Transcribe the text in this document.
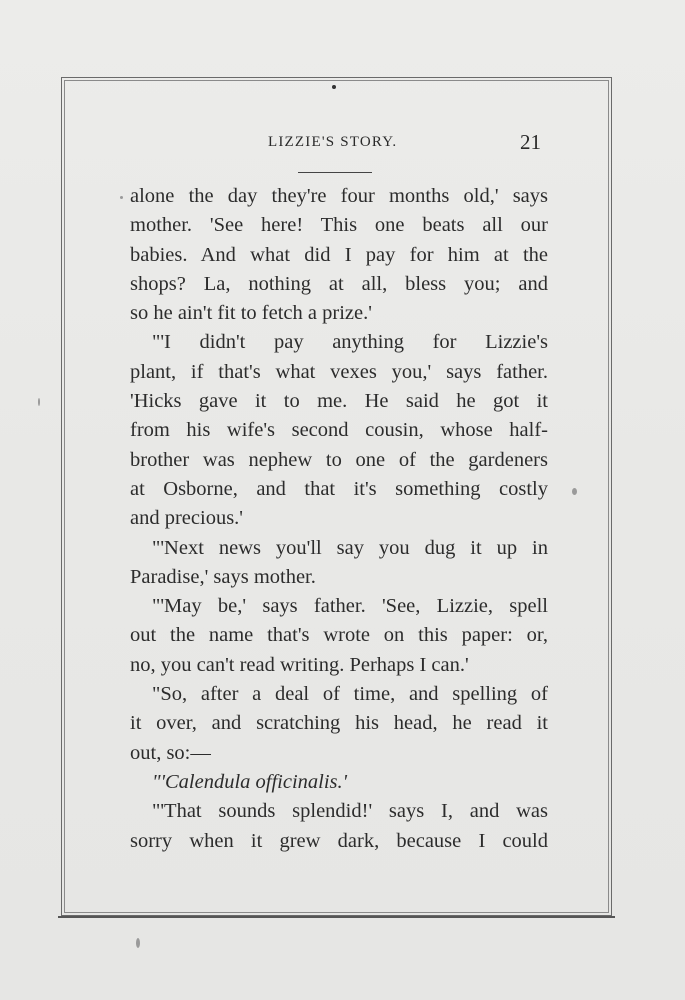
LIZZIE'S STORY.	21
alone the day they're four months old,' says
mother. 'See here! This one beats all our
babies. And what did I pay for him at the
shops? La, nothing at all, bless you; and
so he ain't fit to fetch a prize.'
"'I didn't pay anything for Lizzie's
plant, if that's what vexes you,' says father.
'Hicks gave it to me. He said he got it
from his wife's second cousin, whose half-
brother was nephew to one of the gardeners
at Osborne, and that it's something costly
and precious.'
"'Next news you'll say you dug it up in
Paradise,' says mother.
"'May be,' says father. 'See, Lizzie, spell
out the name that's wrote on this paper: or,
no, you can't read writing. Perhaps I can.'
"So, after a deal of time, and spelling of
it over, and scratching his head, he read it
out, so:—
"'Calendula officinalis.'
"'That sounds splendid!' says I, and was
sorry when it grew dark, because I could
